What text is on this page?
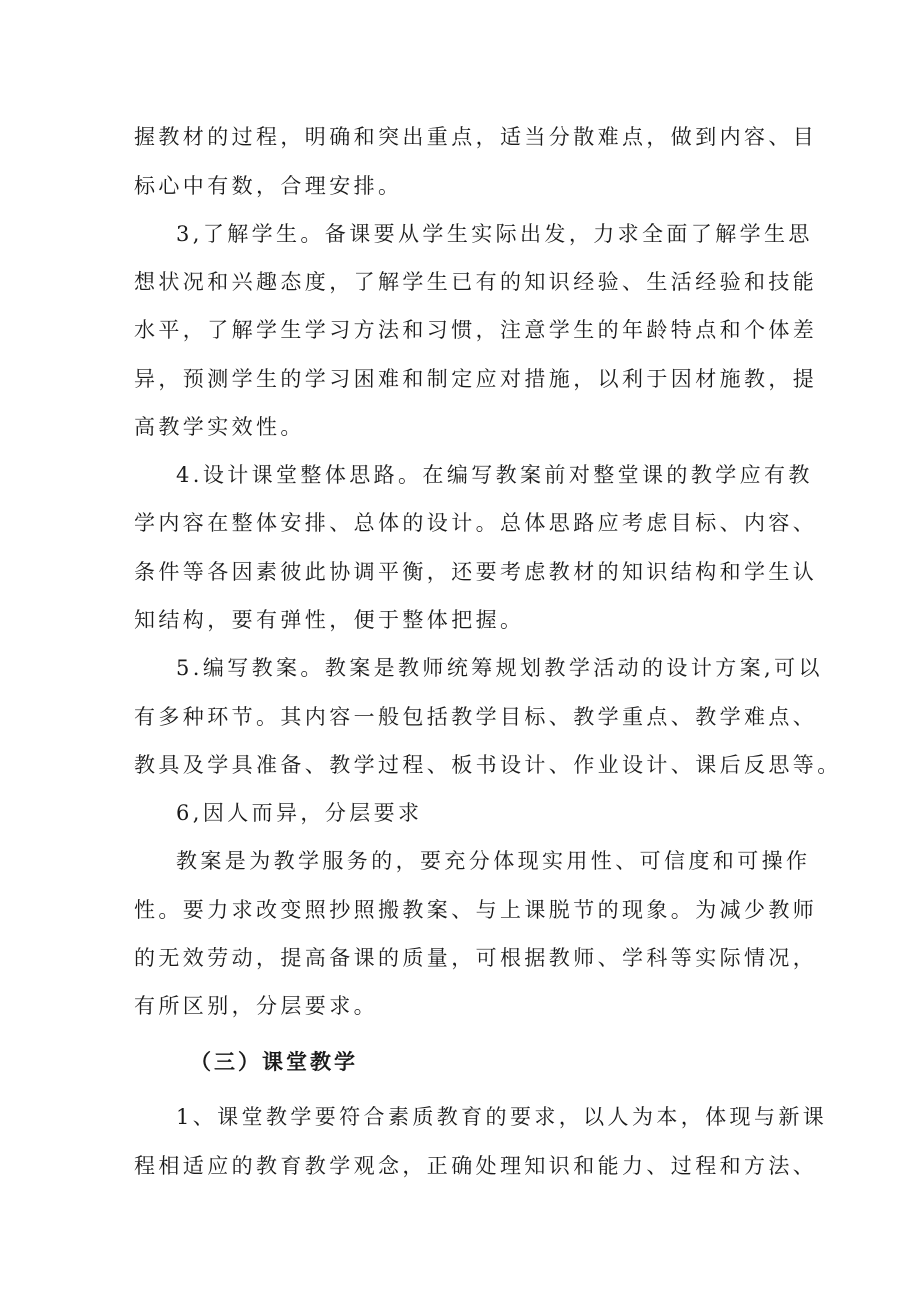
握教材的过程，明确和突出重点，适当分散难点，做到内容、目
标心中有数，合理安排。
3,了解学生。备课要从学生实际出发，力求全面了解学生思
想状况和兴趣态度，了解学生已有的知识经验、生活经验和技能
水平，了解学生学习方法和习惯，注意学生的年龄特点和个体差
异，预测学生的学习困难和制定应对措施，以利于因材施教，提
高教学实效性。
4.设计课堂整体思路。在编写教案前对整堂课的教学应有教
学内容在整体安排、总体的设计。总体思路应考虑目标、内容、
条件等各因素彼此协调平衡，还要考虑教材的知识结构和学生认
知结构，要有弹性，便于整体把握。
5.编写教案。教案是教师统筹规划教学活动的设计方案,可以
有多种环节。其内容一般包括教学目标、教学重点、教学难点、
教具及学具准备、教学过程、板书设计、作业设计、课后反思等。
6,因人而异，分层要求
教案是为教学服务的，要充分体现实用性、可信度和可操作
性。要力求改变照抄照搬教案、与上课脱节的现象。为减少教师
的无效劳动，提高备课的质量，可根据教师、学科等实际情况，
有所区别，分层要求。
（三）课堂教学
1、课堂教学要符合素质教育的要求，以人为本，体现与新课
程相适应的教育教学观念，正确处理知识和能力、过程和方法、
